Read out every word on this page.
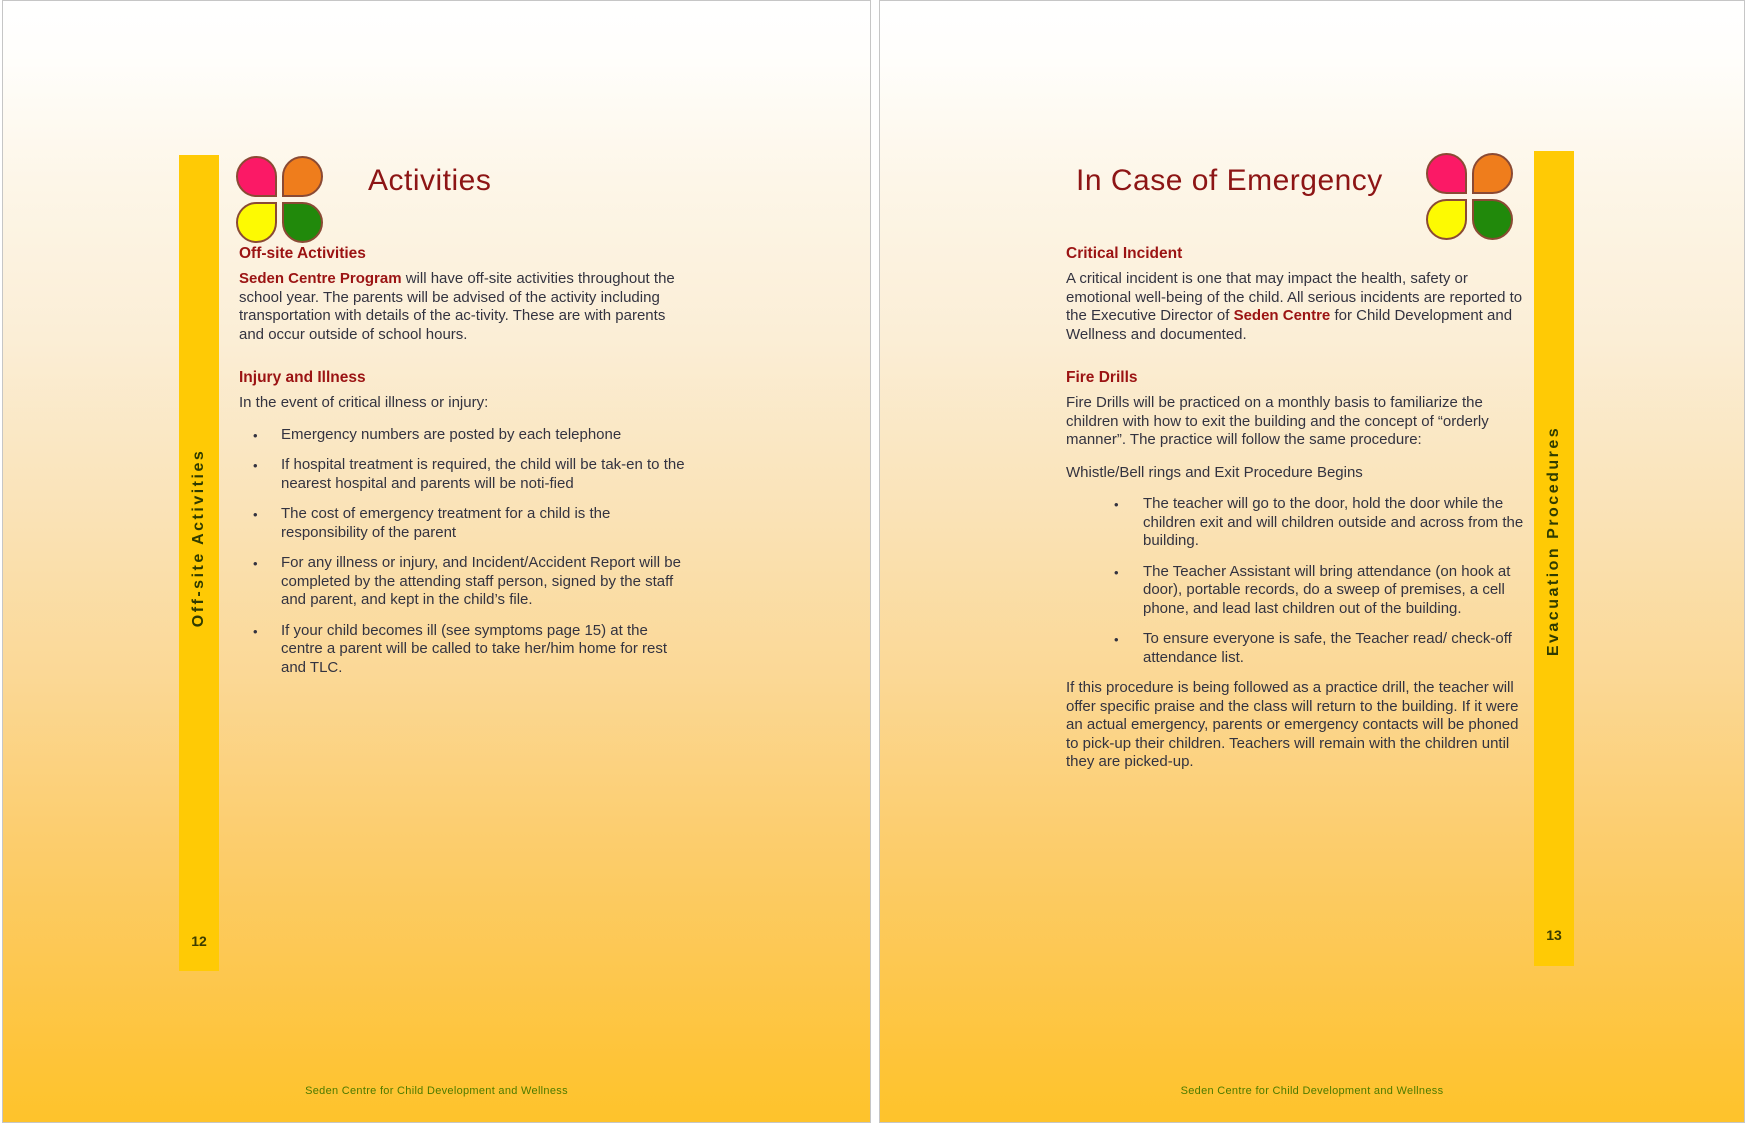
Off-site Activities
12
Activities
Off-site Activities

Seden Centre Program will have off-site activities throughout the school year. The parents will be advised of the activity including transportation with details of the ac-tivity. These are with parents and occur outside of school hours.

Injury and Illness

In the event of critical illness or injury:

• Emergency numbers are posted by each telephone
• If hospital treatment is required, the child will be tak-en to the nearest hospital and parents will be noti-fied
• The cost of emergency treatment for a child is the responsibility of the parent
• For any illness or injury, and Incident/Accident Report will be completed by the attending staff person, signed by the staff and parent, and kept in the child’s file.
• If your child becomes ill (see symptoms page 15) at the centre a parent will be called to take her/him home for rest and TLC.
Seden Centre for Child Development and Wellness
Evacuation Procedures
13
In Case of Emergency
Critical Incident

A critical incident is one that may impact the health, safety or emotional well-being of the child. All serious incidents are reported to the Executive Director of Seden Centre for Child Development and Wellness and documented.

Fire Drills

Fire Drills will be practiced on a monthly basis to familiarize the children with how to exit the building and the concept of “orderly manner”. The practice will follow the same procedure:

Whistle/Bell rings and Exit Procedure Begins

• The teacher will go to the door, hold the door while the children exit and will children outside and across from the building.
• The Teacher Assistant will bring attendance (on hook at door), portable records, do a sweep of premises, a cell phone, and lead last children out of the building.
• To ensure everyone is safe, the Teacher read/ check-off attendance list.

If this procedure is being followed as a practice drill, the teacher will offer specific praise and the class will return to the building. If it were an actual emergency, parents or emergency contacts will be phoned to pick-up their children. Teachers will remain with the children until they are picked-up.

Seden Centre for Child Development and Wellness
